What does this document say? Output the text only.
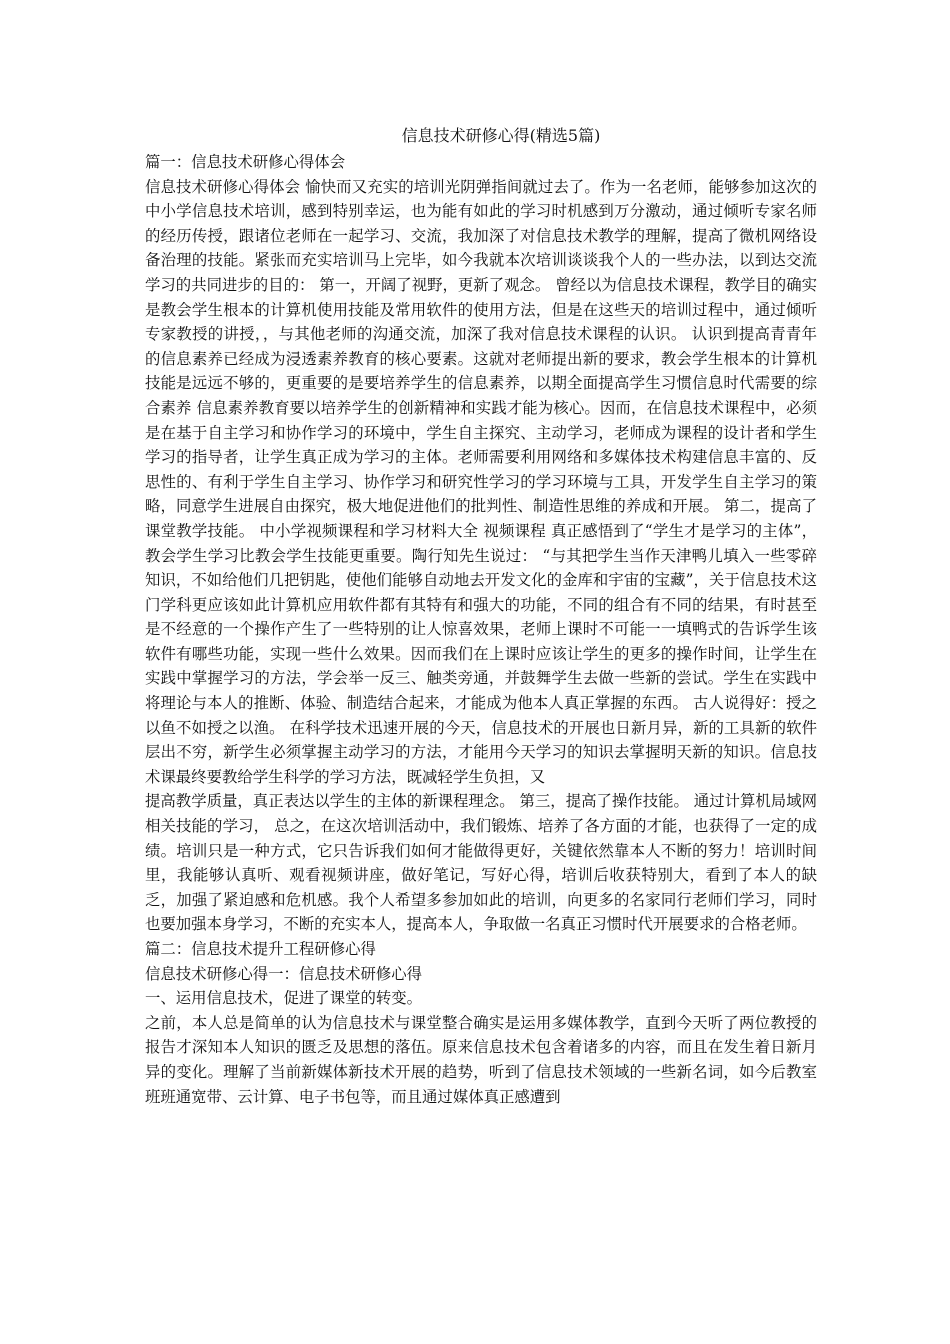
信息技术研修心得(精选5篇)
篇一：信息技术研修心得体会

信息技术研修心得体会 愉快而又充实的培训光阴弹指间就过去了。作为一名老师，能够参加这次的中小学信息技术培训，感到特别幸运，也为能有如此的学习时机感到万分激动，通过倾听专家名师的经历传授，跟诸位老师在一起学习、交流，我加深了对信息技术教学的理解，提高了微机网络设备治理的技能。紧张而充实培训马上完毕，如今我就本次培训谈谈我个人的一些办法，以到达交流学习的共同进步的目的： 第一，开阔了视野，更新了观念。 曾经以为信息技术课程，教学目的确实是教会学生根本的计算机使用技能及常用软件的使用方法，但是在这些天的培训过程中，通过倾听专家教授的讲授，，与其他老师的沟通交流，加深了我对信息技术课程的认识。 认识到提高青青年的信息素养已经成为浸透素养教育的核心要素。这就对老师提出新的要求，教会学生根本的计算机技能是远远不够的，更重要的是要培养学生的信息素养，以期全面提高学生习惯信息时代需要的综合素养 信息素养教育要以培养学生的创新精神和实践才能为核心。因而，在信息技术课程中，必须是在基于自主学习和协作学习的环境中，学生自主探究、主动学习，老师成为课程的设计者和学生学习的指导者，让学生真正成为学习的主体。老师需要利用网络和多媒体技术构建信息丰富的、反思性的、有利于学生自主学习、协作学习和研究性学习的学习环境与工具，开发学生自主学习的策略，同意学生进展自由探究，极大地促进他们的批判性、制造性思维的养成和开展。 第二，提高了课堂教学技能。 中小学视频课程和学习材料大全 视频课程 真正感悟到了“学生才是学习的主体”，教会学生学习比教会学生技能更重要。陶行知先生说过： “与其把学生当作天津鸭儿填入一些零碎知识，不如给他们几把钥匙，使他们能够自动地去开发文化的金库和宇宙的宝藏”，关于信息技术这门学科更应该如此计算机应用软件都有其特有和强大的功能，不同的组合有不同的结果，有时甚至是不经意的一个操作产生了一些特别的让人惊喜效果，老师上课时不可能一一填鸭式的告诉学生该软件有哪些功能，实现一些什么效果。因而我们在上课时应该让学生的更多的操作时间，让学生在实践中掌握学习的方法，学会举一反三、触类旁通，并鼓舞学生去做一些新的尝试。学生在实践中将理论与本人的推断、体验、制造结合起来，才能成为他本人真正掌握的东西。 古人说得好：授之以鱼不如授之以渔。 在科学技术迅速开展的今天，信息技术的开展也日新月异，新的工具新的软件层出不穷，新学生必须掌握主动学习的方法，才能用今天学习的知识去掌握明天新的知识。信息技术课最终要教给学生科学的学习方法，既减轻学生负担，又

提高教学质量，真正表达以学生的主体的新课程理念。 第三，提高了操作技能。 通过计算机局域网相关技能的学习， 总之，在这次培训活动中，我们锻炼、培养了各方面的才能，也获得了一定的成绩。培训只是一种方式，它只告诉我们如何才能做得更好，关键依然靠本人不断的努力！培训时间里，我能够认真听、观看视频讲座，做好笔记，写好心得，培训后收获特别大，看到了本人的缺乏，加强了紧迫感和危机感。我个人希望多参加如此的培训，向更多的名家同行老师们学习，同时也要加强本身学习，不断的充实本人，提高本人，争取做一名真正习惯时代开展要求的合格老师。

篇二：信息技术提升工程研修心得
信息技术研修心得一：信息技术研修心得
一、运用信息技术，促进了课堂的转变。

之前，本人总是简单的认为信息技术与课堂整合确实是运用多媒体教学，直到今天听了两位教授的报告才深知本人知识的匮乏及思想的落伍。原来信息技术包含着诸多的内容，而且在发生着日新月异的变化。理解了当前新媒体新技术开展的趋势，听到了信息技术领域的一些新名词，如今后教室班班通宽带、云计算、电子书包等，而且通过媒体真正感遭到
